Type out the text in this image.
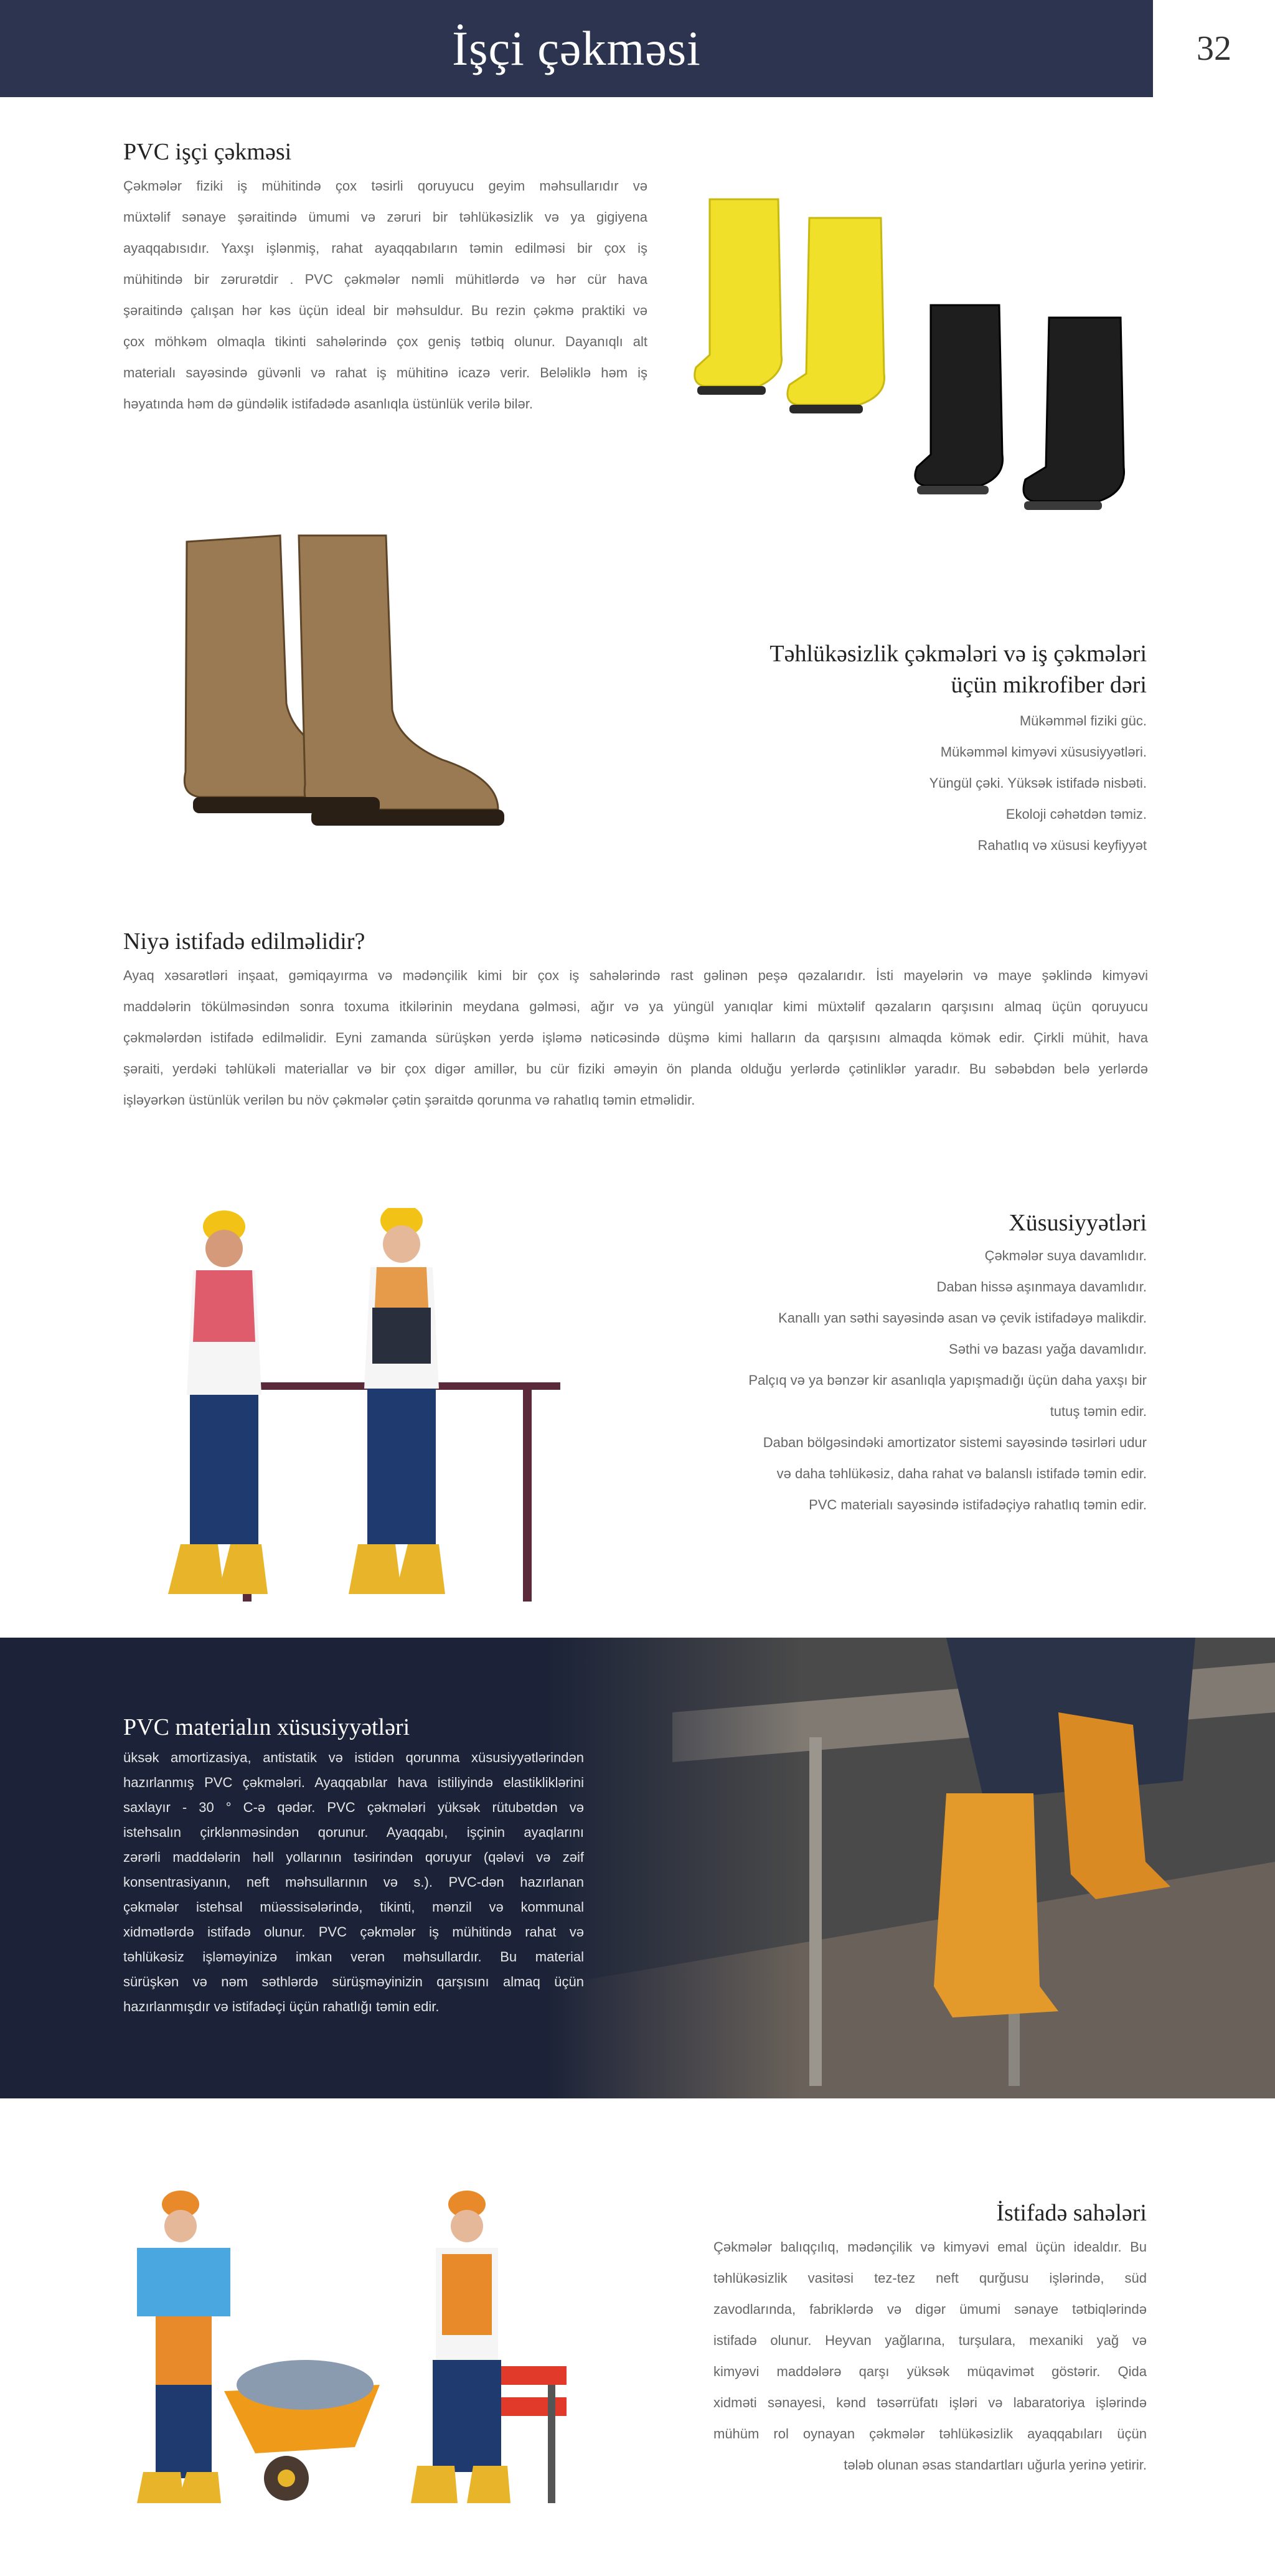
İşçi çəkməsi	32
PVC işçi çəkməsi
Çəkmələr fiziki iş mühitində çox təsirli qoruyucu geyim məhsullarıdır və
müxtəlif sənaye şəraitində ümumi və zəruri bir təhlükəsizlik və ya gigiyena
ayaqqabısıdır. Yaxşı işlənmiş, rahat ayaqqabıların təmin edilməsi bir çox iş
mühitində bir zərurətdir . PVC çəkmələr nəmli mühitlərdə və hər cür hava
şəraitində çalışan hər kəs üçün ideal bir məhsuldur. Bu rezin çəkmə praktiki və
çox möhkəm olmaqla tikinti sahələrində çox geniş tətbiq olunur. Dayanıqlı alt
materialı sayəsində güvənli və rahat iş mühitinə icazə verir. Beləliklə həm iş
həyatında həm də gündəlik istifadədə asanlıqla üstünlük verilə bilər.
Təhlükəsizlik çəkmələri və iş çəkmələri
üçün mikrofiber dəri
Mükəmməl fiziki güc.
Mükəmməl kimyəvi xüsusiyyətləri.
Yüngül çəki. Yüksək istifadə nisbəti.
Ekoloji cəhətdən təmiz.
Rahatlıq və xüsusi keyfiyyət
Niyə istifadə edilməlidir?
Ayaq xəsarətləri inşaat, gəmiqayırma və mədənçilik kimi bir çox iş sahələrində rast gəlinən peşə qəzalarıdır. İsti mayelərin və maye şəklində kimyəvi
maddələrin tökülməsindən sonra toxuma itkilərinin meydana gəlməsi, ağır və ya yüngül yanıqlar kimi müxtəlif qəzaların qarşısını almaq üçün qoruyucu
çəkmələrdən istifadə edilməlidir. Eyni zamanda sürüşkən yerdə işləmə nəticəsində düşmə kimi halların da qarşısını almaqda kömək edir. Çirkli mühit, hava
şəraiti, yerdəki təhlükəli materiallar və bir çox digər amillər, bu cür fiziki əməyin ön planda olduğu yerlərdə çətinliklər yaradır. Bu səbəbdən belə yerlərdə
işləyərkən üstünlük verilən bu növ çəkmələr çətin şəraitdə qorunma və rahatlıq təmin etməlidir.
Xüsusiyyətləri
Çəkmələr suya davamlıdır.
Daban hissə aşınmaya davamlıdır.
Kanallı yan səthi sayəsində asan və çevik istifadəyə malikdir.
Səthi və bazası yağa davamlıdır.
Palçıq və ya bənzər kir asanlıqla yapışmadığı üçün daha yaxşı bir
tutuş təmin edir.
Daban bölgəsindəki amortizator sistemi sayəsində təsirləri udur
və daha təhlükəsiz, daha rahat və balanslı istifadə təmin edir.
PVC materialı sayəsində istifadəçiyə rahatlıq təmin edir.
PVC materialın xüsusiyyətləri
üksək amortizasiya, antistatik və istidən qorunma xüsusiyyətlərindən
hazırlanmış PVC çəkmələri. Ayaqqabılar hava istiliyində elastikliklərini
saxlayır - 30 ° C-ə qədər. PVC çəkmələri yüksək rütubətdən və
istehsalın çirklənməsindən qorunur. Ayaqqabı, işçinin ayaqlarını
zərərli maddələrin həll yollarının təsirindən qoruyur (qələvi və zəif
konsentrasiyanın, neft məhsullarının və s.). PVC-dən hazırlanan
çəkmələr istehsal müəssisələrində, tikinti, mənzil və kommunal
xidmətlərdə istifadə olunur. PVC çəkmələr iş mühitində rahat və
təhlükəsiz işləməyinizə imkan verən məhsullardır. Bu material
sürüşkən və nəm səthlərdə sürüşməyinizin qarşısını almaq üçün
hazırlanmışdır və istifadəçi üçün rahatlığı təmin edir.
İstifadə sahələri
Çəkmələr balıqçılıq, mədənçilik və kimyəvi emal üçün idealdır. Bu
təhlükəsizlik vasitəsi tez-tez neft qurğusu işlərində, süd
zavodlarında, fabriklərdə və digər ümumi sənaye tətbiqlərində
istifadə olunur. Heyvan yağlarına, turşulara, mexaniki yağ və
kimyəvi maddələrə qarşı yüksək müqavimət göstərir. Qida
xidməti sənayesi, kənd təsərrüfatı işləri və labaratoriya işlərində
mühüm rol oynayan çəkmələr təhlükəsizlik ayaqqabıları üçün
tələb olunan əsas standartları uğurla yerinə yetirir.
